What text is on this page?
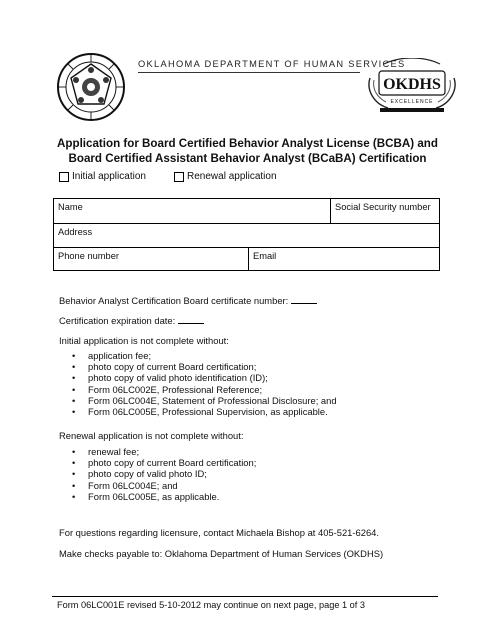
OKLAHOMA DEPARTMENT OF HUMAN SERVICES
OKDHS
EXCELLENCE
Application for Board Certified Behavior Analyst License (BCBA) and
Board Certified Assistant Behavior Analyst (BCaBA) Certification
Initial application	Renewal application
Name		Social Security number
Address		
Phone number	Email	
Behavior Analyst Certification Board certificate number:
Certification expiration date:
Initial application is not complete without:
• application fee;
• photo copy of current Board certification;
• photo copy of valid photo identification (ID);
• Form 06LC002E, Professional Reference;
• Form 06LC004E, Statement of Professional Disclosure; and
• Form 06LC005E, Professional Supervision, as applicable.
Renewal application is not complete without:
• renewal fee;
• photo copy of current Board certification;
• photo copy of valid photo ID;
• Form 06LC004E; and
• Form 06LC005E, as applicable.
For questions regarding licensure, contact Michaela Bishop at 405-521-6264.
Make checks payable to: Oklahoma Department of Human Services (OKDHS)
Form 06LC001E revised 5-10-2012 may continue on next page, page 1 of 3
